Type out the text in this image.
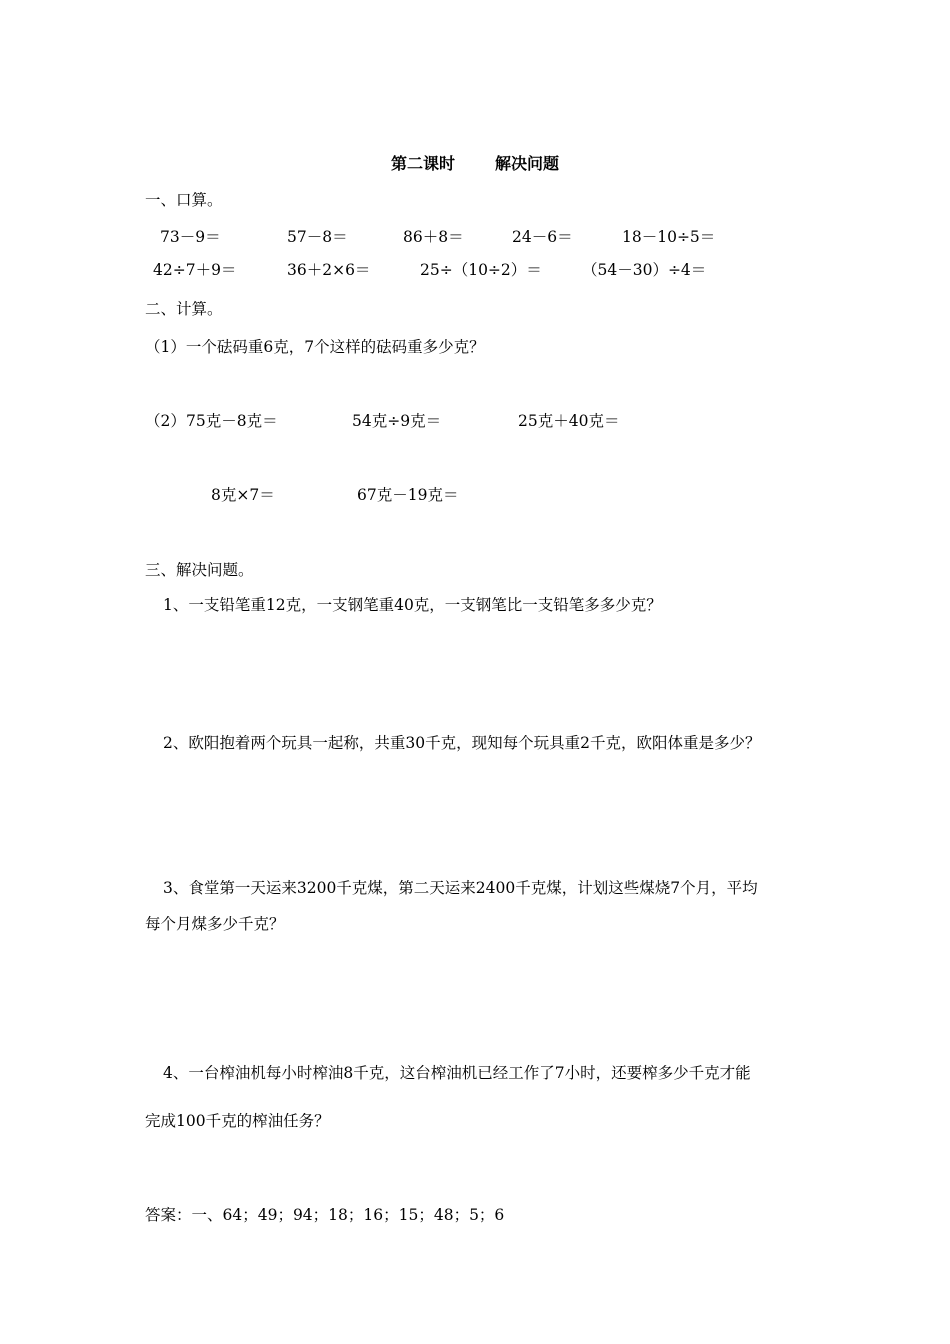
第二课时	解决问题
一、口算。
73－9＝	57－8＝	86＋8＝	24－6＝	18－10÷5＝
42÷7＋9＝	36＋2×6＝	25÷（10÷2）＝	（54－30）÷4＝
二、计算。
（1）一个砝码重6克，7个这样的砝码重多少克？
（2） 75克－8克＝	54克÷9克＝	25克＋40克＝
8克×7＝	67克－19克＝
三、解决问题。
1、一支铅笔重12克，一支钢笔重40克，一支钢笔比一支铅笔多多少克？
2、欧阳抱着两个玩具一起称，共重30千克，现知每个玩具重2千克，欧阳体重是多少？
3、食堂第一天运来3200千克煤，第二天运来2400千克煤，计划这些煤烧7个月，平均
每个月煤多少千克？
4、一台榨油机每小时榨油8千克，这台榨油机已经工作了7小时，还要榨多少千克才能
完成100千克的榨油任务？
答案：一、64；49；94；18；16；15；48；5；6
